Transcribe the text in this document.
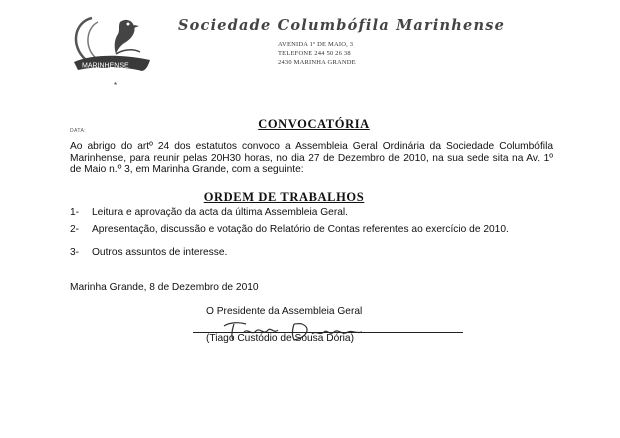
MARINHENSE
Sociedade Columbófila Marinhense
AVENIDA 1º DE MAIO, 3
TELEFONE 244 50 26 38
2430 MARINHA GRANDE
*
DATA:	CONVOCATÓRIA
Ao abrigo do artº 24 dos estatutos convoco a Assembleia Geral Ordinária da Sociedade Columbófila Marinhense, para reunir pelas 20H30 horas, no dia 27 de Dezembro de 2010, na sua sede sita na Av. 1º de Maio n.º 3, em Marinha Grande, com a seguinte:
ORDEM DE TRABALHOS
1- Leitura e aprovação da acta da última Assembleia Geral.
2- Apresentação, discussão e votação do Relatório de Contas referentes ao exercício de 2010.
3- Outros assuntos de interesse.
Marinha Grande, 8 de Dezembro de 2010
O Presidente da Assembleia Geral
(Tiago Custódio de Sousa Dória)
